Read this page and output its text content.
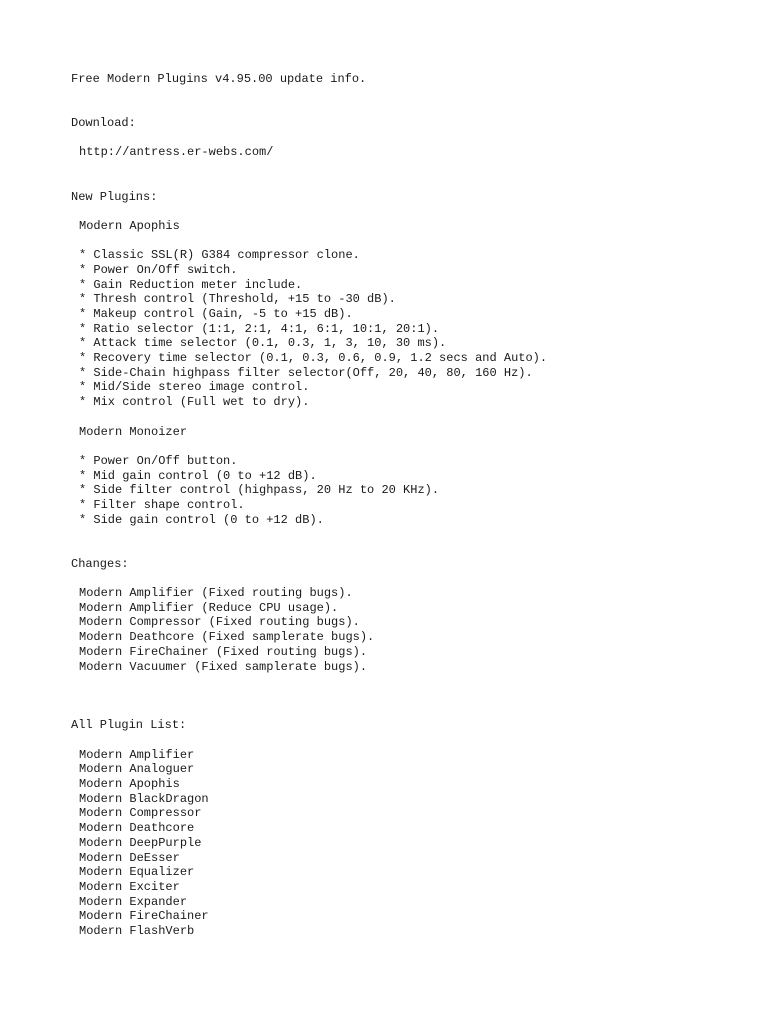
Free Modern Plugins v4.95.00 update info.
Download:
http://antress.er-webs.com/
New Plugins:
Modern Apophis
* Classic SSL(R) G384 compressor clone.
* Power On/Off switch.
* Gain Reduction meter include.
* Thresh control (Threshold, +15 to -30 dB).
* Makeup control (Gain, -5 to +15 dB).
* Ratio selector (1:1, 2:1, 4:1, 6:1, 10:1, 20:1).
* Attack time selector (0.1, 0.3, 1, 3, 10, 30 ms).
* Recovery time selector (0.1, 0.3, 0.6, 0.9, 1.2 secs and Auto).
* Side-Chain highpass filter selector(Off, 20, 40, 80, 160 Hz).
* Mid/Side stereo image control.
* Mix control (Full wet to dry).
Modern Monoizer
* Power On/Off button.
* Mid gain control (0 to +12 dB).
* Side filter control (highpass, 20 Hz to 20 KHz).
* Filter shape control.
* Side gain control (0 to +12 dB).
Changes:
Modern Amplifier (Fixed routing bugs).
Modern Amplifier (Reduce CPU usage).
Modern Compressor (Fixed routing bugs).
Modern Deathcore (Fixed samplerate bugs).
Modern FireChainer (Fixed routing bugs).
Modern Vacuumer (Fixed samplerate bugs).
All Plugin List:
Modern Amplifier
Modern Analoguer
Modern Apophis
Modern BlackDragon
Modern Compressor
Modern Deathcore
Modern DeepPurple
Modern DeEsser
Modern Equalizer
Modern Exciter
Modern Expander
Modern FireChainer
Modern FlashVerb
